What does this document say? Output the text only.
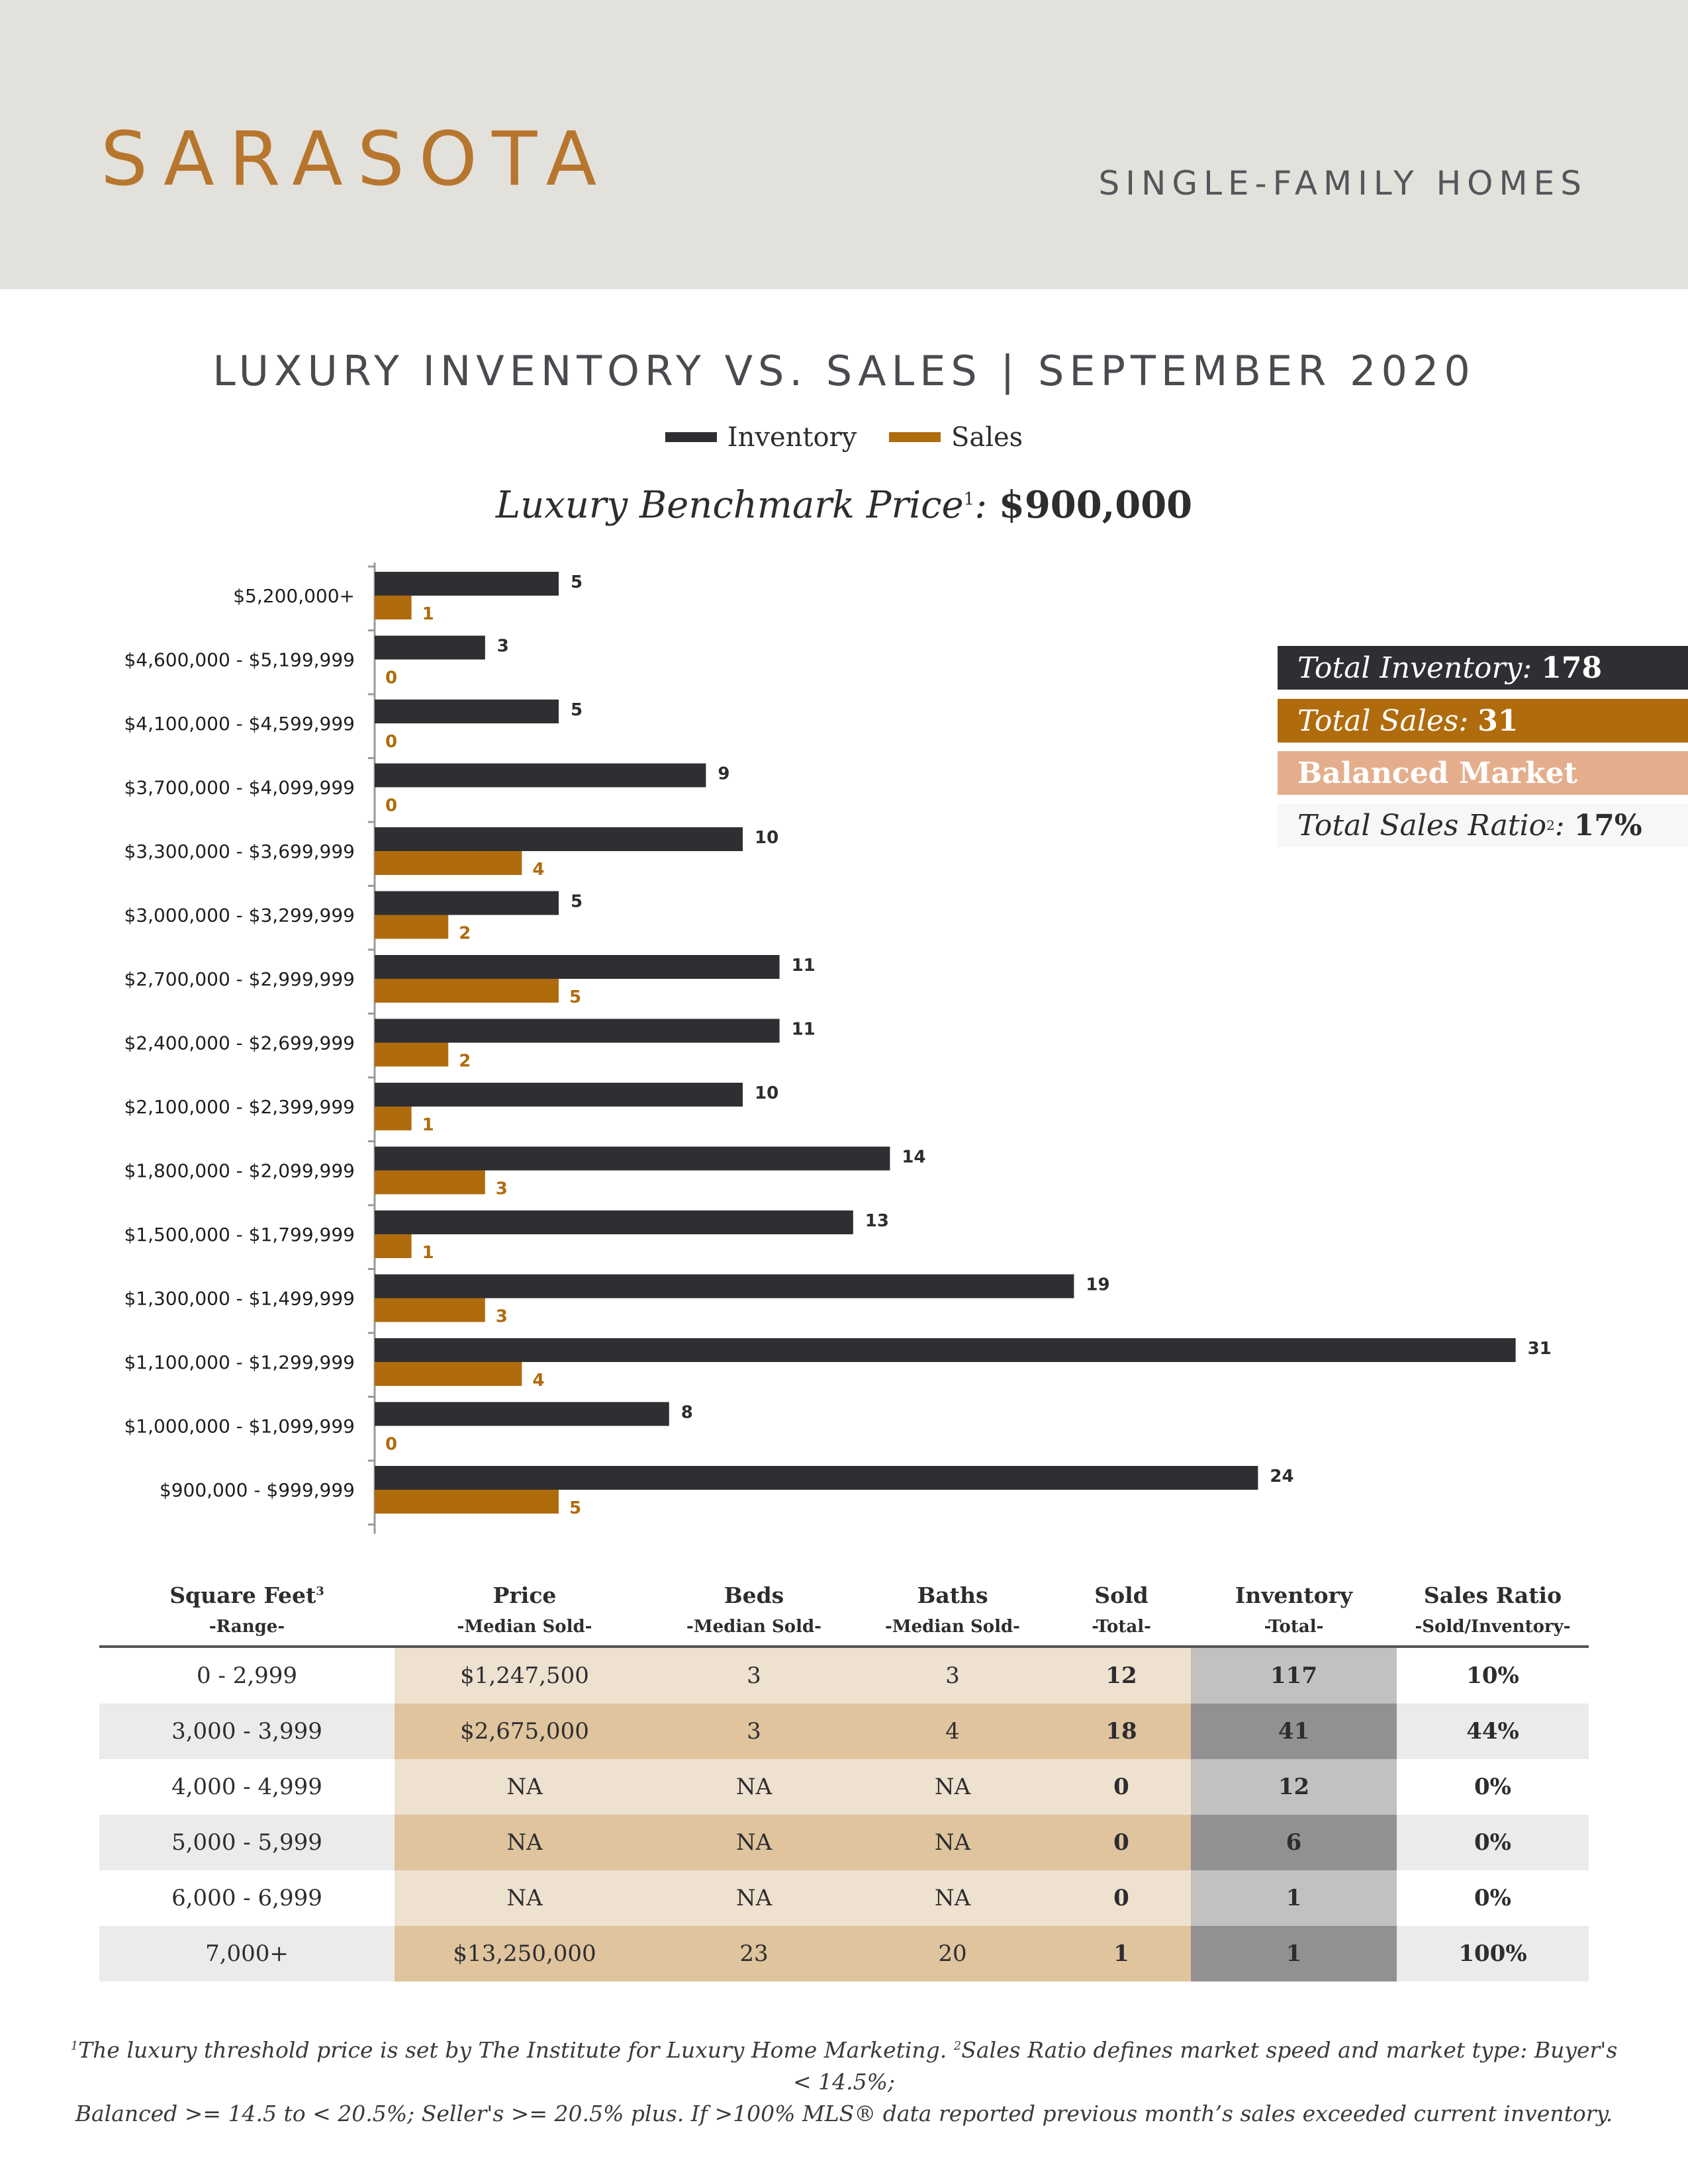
SARASOTA	SINGLE-FAMILY HOMES
LUXURY INVENTORY VS. SALES | SEPTEMBER 2020
Inventory
	Sales
Luxury Benchmark Price$^1$: $900,000
$5,200,000+
5
1
$4,600,000 - $5,199,999
3
0
$4,100,000 - $4,599,999
5
0
$3,700,000 - $4,099,999
9
0
$3,300,000 - $3,699,999
10
4
$3,000,000 - $3,299,999
5
2
$2,700,000 - $2,999,999
11
5
$2,400,000 - $2,699,999
11
2
$2,100,000 - $2,399,999
10
1
$1,800,000 - $2,099,999
14
3
$1,500,000 - $1,799,999
13
1
$1,300,000 - $1,499,999
19
3
$1,100,000 - $1,299,999
31
4
$1,000,000 - $1,099,999
8
0
$900,000 - $999,999
24
5
Total Inventory:
178
Total Sales:
31
Balanced Market
Total Sales Ratio 2 :
17%
Square Feet$^3$	Price	Beds	Baths	Sold	Inventory	Sales Ratio
-Range-	-Median Sold-	-Median Sold-	-Median Sold-	-Total-	-Total-	-Sold/Inventory-
0 - 2,999	$1,247,500	3	3	12	117	10%
3,000 - 3,999	$2,675,000	3	4	18	41	44%
4,000 - 4,999	NA	NA	NA	0	12	0%
5,000 - 5,999	NA	NA	NA	0	6	0%
6,000 - 6,999	NA	NA	NA	0	1	0%
7,000+	$13,250,000	23	20	1	1	100%
$^1$The luxury threshold price is set by The Institute for Luxury Home Marketing. $^2$Sales Ratio defines market speed and market type: Buyer's < 14.5%;
Balanced >= 14.5 to < 20.5%; Seller's >= 20.5% plus. If >100% MLS® data reported previous month’s sales exceeded current inventory.
